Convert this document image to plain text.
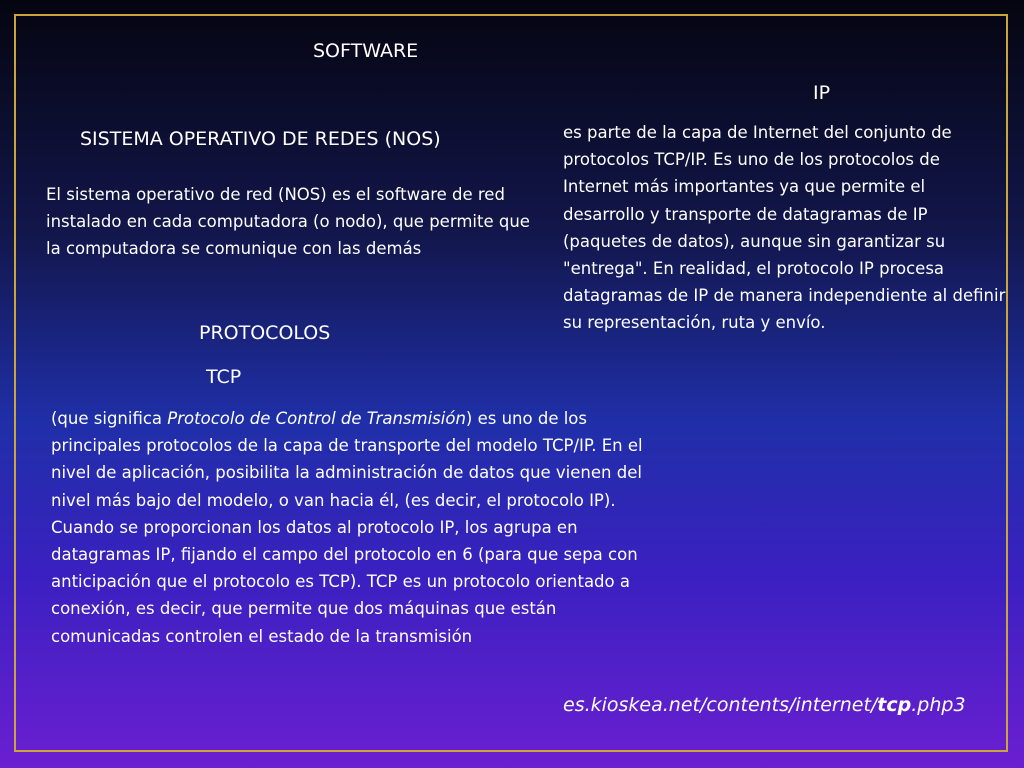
SOFTWARE

IP

SISTEMA OPERATIVO DE REDES (NOS)

El sistema operativo de red (NOS) es el software de red instalado en cada computadora (o nodo), que permite que la computadora se comunique con las demás

es parte de la capa de Internet del conjunto de protocolos TCP/IP. Es uno de los protocolos de Internet más importantes ya que permite el desarrollo y transporte de datagramas de IP (paquetes de datos), aunque sin garantizar su "entrega". En realidad, el protocolo IP procesa datagramas de IP de manera independiente al definir su representación, ruta y envío.

PROTOCOLOS

TCP

(que significa Protocolo de Control de Transmisión) es uno de los principales protocolos de la capa de transporte del modelo TCP/IP. En el nivel de aplicación, posibilita la administración de datos que vienen del nivel más bajo del modelo, o van hacia él, (es decir, el protocolo IP). Cuando se proporcionan los datos al protocolo IP, los agrupa en datagramas IP, fijando el campo del protocolo en 6 (para que sepa con anticipación que el protocolo es TCP). TCP es un protocolo orientado a conexión, es decir, que permite que dos máquinas que están comunicadas controlen el estado de la transmisión

es.kioskea.net/contents/internet/tcp.php3
